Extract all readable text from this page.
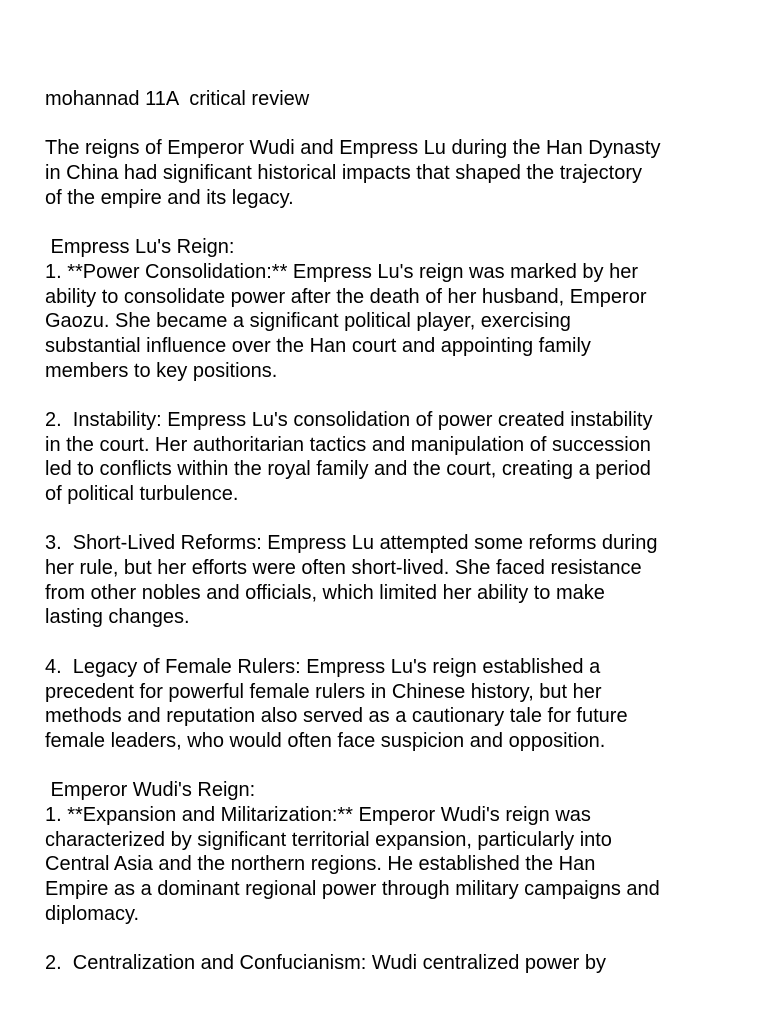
mohannad 11A  critical review
The reigns of Emperor Wudi and Empress Lu during the Han Dynasty
in China had significant historical impacts that shaped the trajectory
of the empire and its legacy.
Empress Lu's Reign:
1. **Power Consolidation:** Empress Lu's reign was marked by her
ability to consolidate power after the death of her husband, Emperor
Gaozu. She became a significant political player, exercising
substantial influence over the Han court and appointing family
members to key positions.
2.  Instability: Empress Lu's consolidation of power created instability
in the court. Her authoritarian tactics and manipulation of succession
led to conflicts within the royal family and the court, creating a period
of political turbulence.
3.  Short-Lived Reforms: Empress Lu attempted some reforms during
her rule, but her efforts were often short-lived. She faced resistance
from other nobles and officials, which limited her ability to make
lasting changes.
4.  Legacy of Female Rulers: Empress Lu's reign established a
precedent for powerful female rulers in Chinese history, but her
methods and reputation also served as a cautionary tale for future
female leaders, who would often face suspicion and opposition.
Emperor Wudi's Reign:
1. **Expansion and Militarization:** Emperor Wudi's reign was
characterized by significant territorial expansion, particularly into
Central Asia and the northern regions. He established the Han
Empire as a dominant regional power through military campaigns and
diplomacy.
2.  Centralization and Confucianism: Wudi centralized power by
